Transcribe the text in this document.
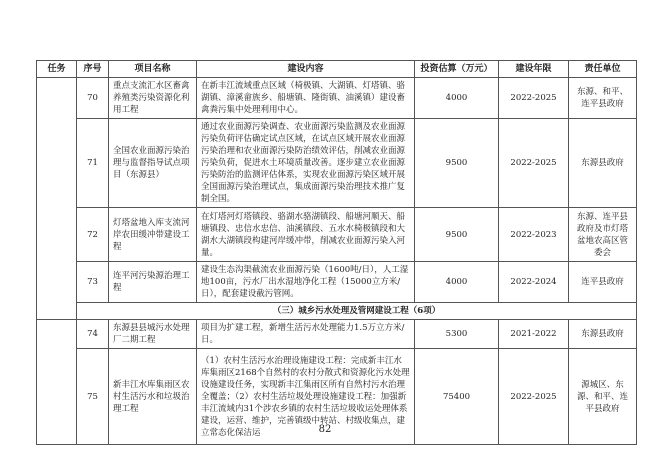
任务	序号	项目名称	建设内容	投资估算（万元）	建设年限	责任单位
	70	重点支流汇水区畜禽养殖类污染资源化利用工程	在新丰江流域重点区域（椅极镇、大湖镇、灯塔镇、骆湖镇、漳溪畲族乡、船塘镇、隆街镇、油溪镇）建设畜禽粪污集中处理利用中心。	4000	2022-2025	东源、和平、连平县政府
	71	全国农业面源污染治理与监督指导试点项目（东源县）	通过农业面源污染调查、农业面源污染监测及农业面源污染负荷评估确定试点区域，在试点区域开展农业面源污染治理和农业面源污染防治绩效评估，削减农业面源污染负荷，促进水土环境质量改善。逐步建立农业面源污染防治的监测评估体系，实现农业面源污染区域开展全国面源污染治理试点，集成面源污染治理技术推广复制全国。	9500	2022-2025	东源县政府
	72	灯塔盆地入库支流河岸农田缓冲带建设工程	在灯塔河灯塔镇段、骆湖水骆湖镇段、船塘河顺天、船塘镇段、忠信水忠信、油溪镇段、五水水椅极镇段和大湖水大湖镇段构建河岸缓冲带，削减农业面源污染入河量。	9500	2022-2023	东源、连平县政府及市灯塔盆地农高区管委会
	73	连平河污染源治理工程	建设生态沟渠截流农业面源污染（1600吨/日），人工湿地100亩，污水厂出水湿地净化工程（15000立方米/日），配套建设截污管网。	4000	2022-2024	连平县政府
	（三）城乡污水处理及管网建设工程（6项）					
	74	东源县县城污水处理厂二期工程	项目为扩建工程，新增生活污水处理能力1.5万立方米/日。	5300	2021-2022	东源县政府
	75	新丰江水库集雨区农村生活污水和垃圾治理工程	（1）农村生活污水治理设施建设工程：完成新丰江水库集雨区2168个自然村的农村分散式和资源化污水处理设施建设任务，实现新丰江集雨区所有自然村污水治理全覆盖；（2）农村生活垃圾处理设施建设工程：加强新丰江流域内31个涉农乡镇的农村生活垃圾收运处理体系建设，运营、维护，完善镇级中转站、村级收集点，建立常态化保洁运	75400	2022-2025	源城区、东源、和平、连平县政府
82
